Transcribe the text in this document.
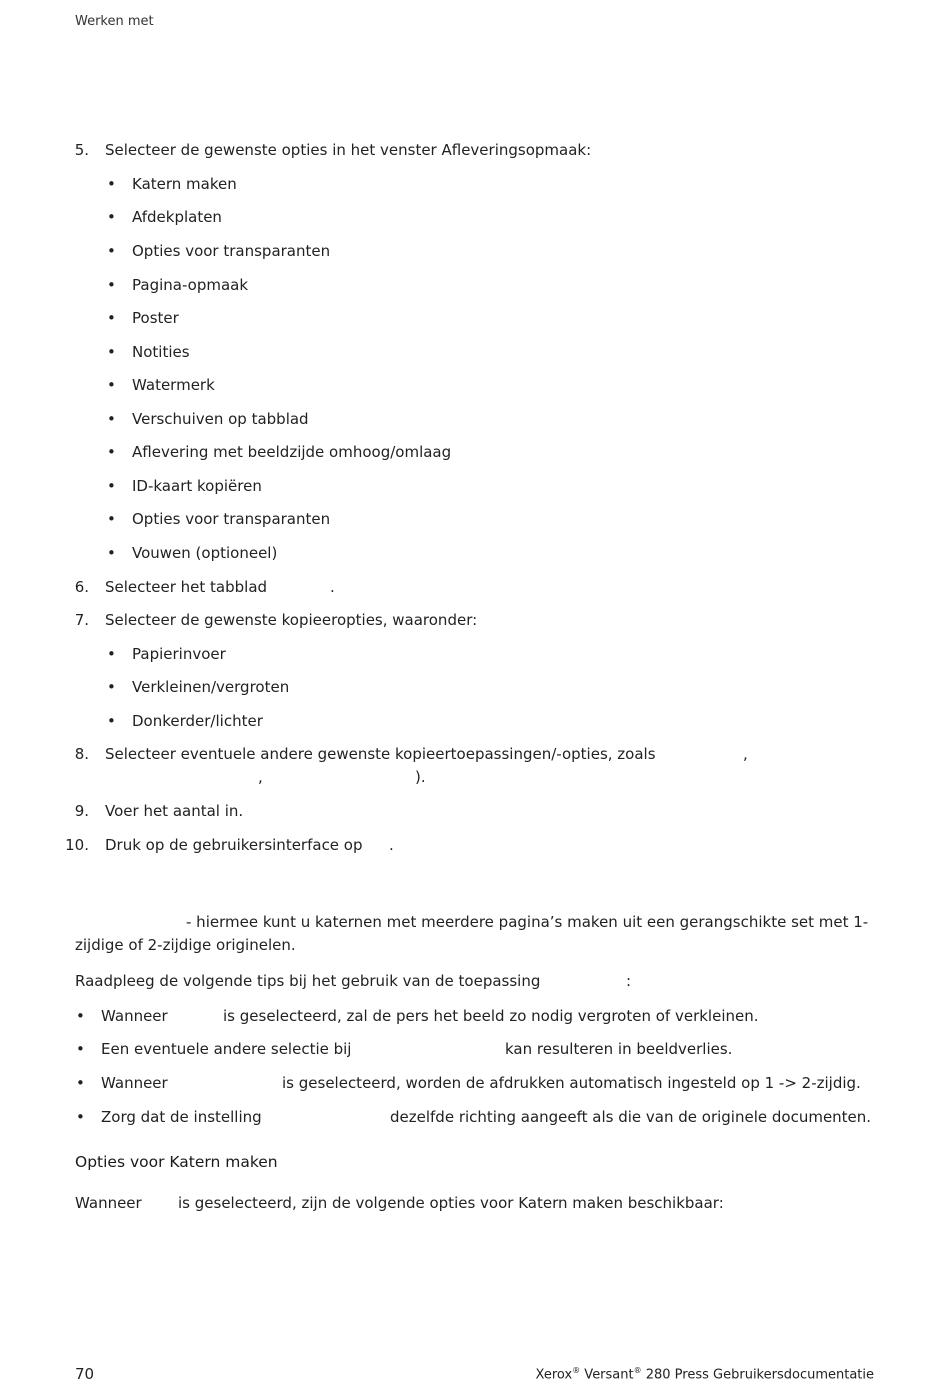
Werken met
5. Selecteer de gewenste opties in het venster Afleveringsopmaak:
• Katern maken
• Afdekplaten
• Opties voor transparanten
• Pagina-opmaak
• Poster
• Notities
• Watermerk
• Verschuiven op tabblad
• Aflevering met beeldzijde omhoog/omlaag
• ID-kaart kopiëren
• Opties voor transparanten
• Vouwen (optioneel)
6. Selecteer het tabblad	.
7. Selecteer de gewenste kopieeropties, waaronder:
• Papierinvoer
• Verkleinen/vergroten
• Donkerder/lichter
8. Selecteer eventuele andere gewenste kopieertoepassingen/-opties, zoals	,
,	).
9. Voer het aantal in.
10. Druk op de gebruikersinterface op .
- hiermee kunt u katernen met meerdere pagina’s maken uit een gerangschikte set met 1-
zijdige of 2-zijdige originelen.
Raadpleeg de volgende tips bij het gebruik van de toepassing	:
• Wanneer	is geselecteerd, zal de pers het beeld zo nodig vergroten of verkleinen.
• Een eventuele andere selectie bij	kan resulteren in beeldverlies.
• Wanneer	is geselecteerd, worden de afdrukken automatisch ingesteld op 1 -> 2-zijdig.
• Zorg dat de instelling	dezelfde richting aangeeft als die van de originele documenten.
Opties voor Katern maken
Wanneer is geselecteerd, zijn de volgende opties voor Katern maken beschikbaar:
70	Xerox® Versant® 280 Press Gebruikersdocumentatie
